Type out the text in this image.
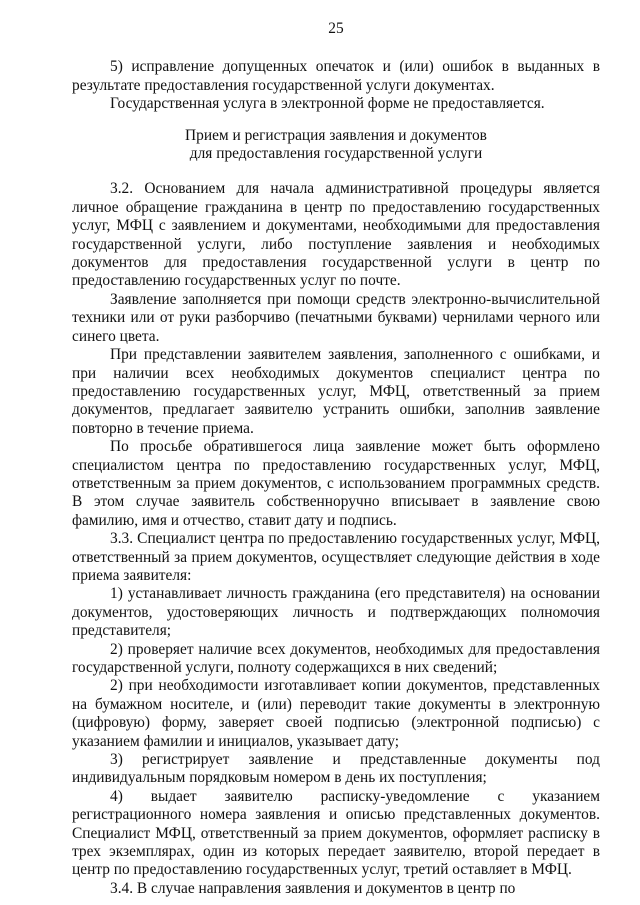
25

5) исправление допущенных опечаток и (или) ошибок в выданных в результате предоставления государственной услуги документах.

Государственная услуга в электронной форме не предоставляется.

Прием и регистрация заявления и документов
для предоставления государственной услуги

3.2. Основанием для начала административной процедуры является личное обращение гражданина в центр по предоставлению государственных услуг, МФЦ с заявлением и документами, необходимыми для предоставления государственной услуги, либо поступление заявления и необходимых документов для предоставления государственной услуги в центр по предоставлению государственных услуг по почте.

Заявление заполняется при помощи средств электронно-вычислительной техники или от руки разборчиво (печатными буквами) чернилами черного или синего цвета.

При представлении заявителем заявления, заполненного с ошибками, и при наличии всех необходимых документов специалист центра по предоставлению государственных услуг, МФЦ, ответственный за прием документов, предлагает заявителю устранить ошибки, заполнив заявление повторно в течение приема.

По просьбе обратившегося лица заявление может быть оформлено специалистом центра по предоставлению государственных услуг, МФЦ, ответственным за прием документов, с использованием программных средств. В этом случае заявитель собственноручно вписывает в заявление свою фамилию, имя и отчество, ставит дату и подпись.

3.3. Специалист центра по предоставлению государственных услуг, МФЦ, ответственный за прием документов, осуществляет следующие действия в ходе приема заявителя:

1) устанавливает личность гражданина (его представителя) на основании документов, удостоверяющих личность и подтверждающих полномочия представителя;

2) проверяет наличие всех документов, необходимых для предоставления государственной услуги, полноту содержащихся в них сведений;

2) при необходимости изготавливает копии документов, представленных на бумажном носителе, и (или) переводит такие документы в электронную (цифровую) форму, заверяет своей подписью (электронной подписью) с указанием фамилии и инициалов, указывает дату;

3) регистрирует заявление и представленные документы под индивидуальным порядковым номером в день их поступления;

4) выдает заявителю расписку-уведомление с указанием регистрационного номера заявления и описью представленных документов. Специалист МФЦ, ответственный за прием документов, оформляет расписку в трех экземплярах, один из которых передает заявителю, второй передает в центр по предоставлению государственных услуг, третий оставляет в МФЦ.

3.4. В случае направления заявления и документов в центр по
